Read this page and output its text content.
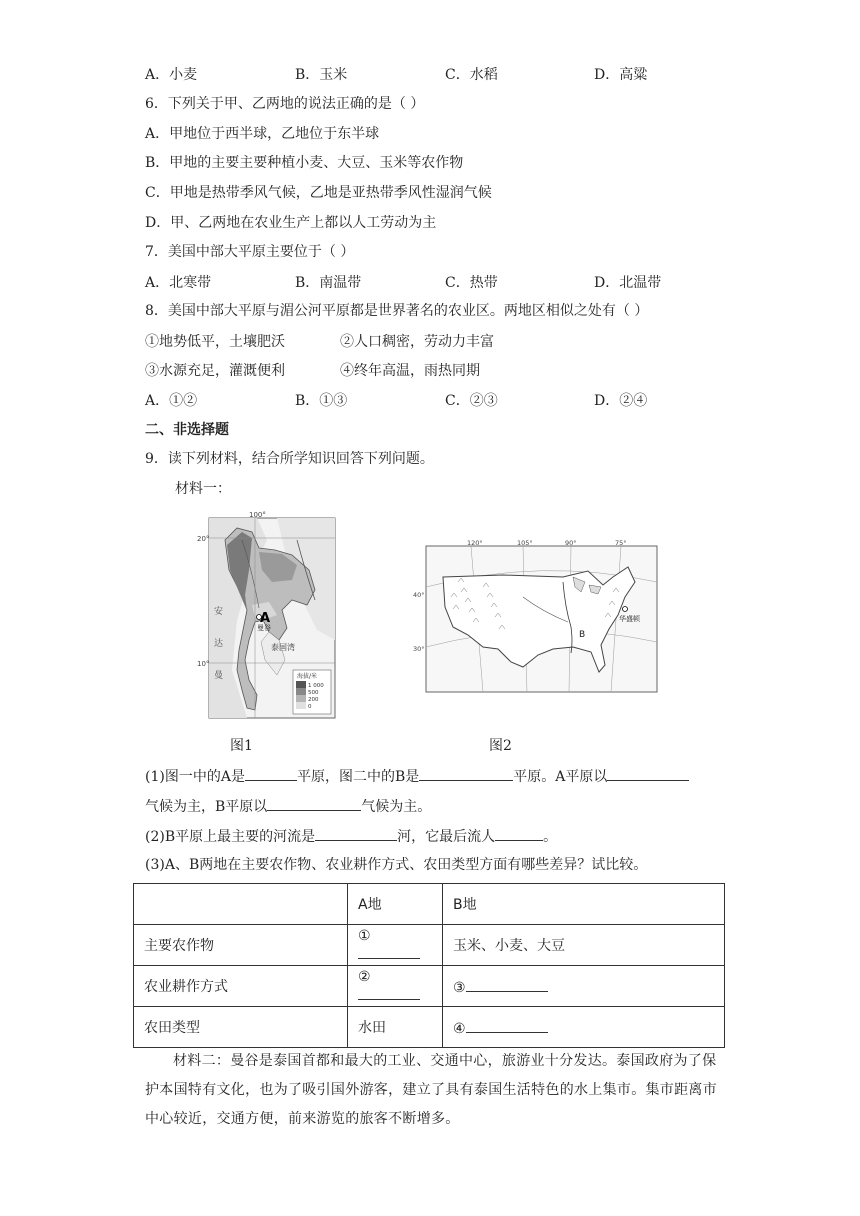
A．小麦	B．玉米	C．水稻	D．高粱
6．下列关于甲、乙两地的说法正确的是（ ）
A．甲地位于西半球，乙地位于东半球
B．甲地的主要主要种植小麦、大豆、玉米等农作物
C．甲地是热带季风气候，乙地是亚热带季风性湿润气候
D．甲、乙两地在农业生产上都以人工劳动为主
7．美国中部大平原主要位于（ ）
A．北寒带	B．南温带	C．热带	D．北温带
8．美国中部大平原与湄公河平原都是世界著名的农业区。两地区相似之处有（ ）
①地势低平，土壤肥沃	②人口稠密，劳动力丰富
③水源充足，灌溉便利	④终年高温，雨热同期
A．①②	B．①③	C．②③	D．②④
二、非选择题
9．读下列材料，结合所学知识回答下列问题。
材料一：
100°
20°
10°
A
曼谷
泰国湾
安
达
曼	海拔/米
1 000
500
200
0
120°	105°	90°	75°
40°
30°
B
华盛顿
图1	图2
(1)图一中的A是	平原，图二中的B是	平原。A平原以
气候为主，B平原以	气候为主。
(2)B平原上最主要的河流是	河，它最后流人	。
(3)A、B两地在主要农作物、农业耕作方式、农田类型方面有哪些差异？试比较。
	A地	B地
主要农作物	①	玉米、小麦、大豆
农业耕作方式	②	③
农田类型	水田	④
材料二：曼谷是泰国首都和最大的工业、交通中心，旅游业十分发达。泰国政府为了保护本国特有文化，也为了吸引国外游客，建立了具有泰国生活特色的水上集市。集市距离市中心较近，交通方便，前来游览的旅客不断增多。
